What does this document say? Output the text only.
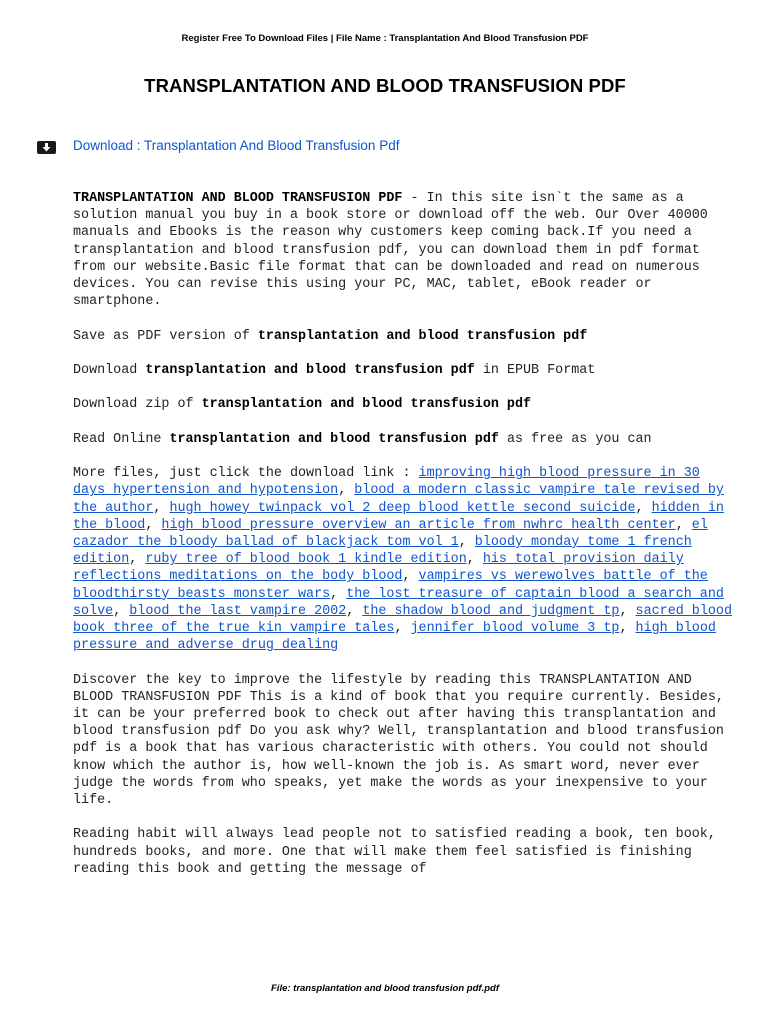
Register Free To Download Files | File Name : Transplantation And Blood Transfusion PDF
TRANSPLANTATION AND BLOOD TRANSFUSION PDF
Download : Transplantation And Blood Transfusion Pdf

TRANSPLANTATION AND BLOOD TRANSFUSION PDF - In this site isn`t the same as a solution manual you buy in a book store or download off the web. Our Over 40000 manuals and Ebooks is the reason why customers keep coming back.If you need a transplantation and blood transfusion pdf, you can download them in pdf format from our website.Basic file format that can be downloaded and read on numerous devices. You can revise this using your PC, MAC, tablet, eBook reader or smartphone.

Save as PDF version of transplantation and blood transfusion pdf

Download transplantation and blood transfusion pdf in EPUB Format

Download zip of transplantation and blood transfusion pdf

Read Online transplantation and blood transfusion pdf as free as you can

More files, just click the download link : improving high blood pressure in 30 days hypertension and hypotension, blood a modern classic vampire tale revised by the author, hugh howey twinpack vol 2 deep blood kettle second suicide, hidden in the blood, high blood pressure overview an article from nwhrc health center, el cazador the bloody ballad of blackjack tom vol 1, bloody monday tome 1 french edition, ruby tree of blood book 1 kindle edition, his total provision daily reflections meditations on the body blood, vampires vs werewolves battle of the bloodthirsty beasts monster wars, the lost treasure of captain blood a search and solve, blood the last vampire 2002, the shadow blood and judgment tp, sacred blood book three of the true kin vampire tales, jennifer blood volume 3 tp, high blood pressure and adverse drug dealing

Discover the key to improve the lifestyle by reading this TRANSPLANTATION AND BLOOD TRANSFUSION PDF This is a kind of book that you require currently. Besides, it can be your preferred book to check out after having this transplantation and blood transfusion pdf Do you ask why? Well, transplantation and blood transfusion pdf is a book that has various characteristic with others. You could not should know which the author is, how well-known the job is. As smart word, never ever judge the words from who speaks, yet make the words as your inexpensive to your life.

Reading habit will always lead people not to satisfied reading a book, ten book, hundreds books, and more. One that will make them feel satisfied is finishing reading this book and getting the message of

File: transplantation and blood transfusion pdf.pdf
